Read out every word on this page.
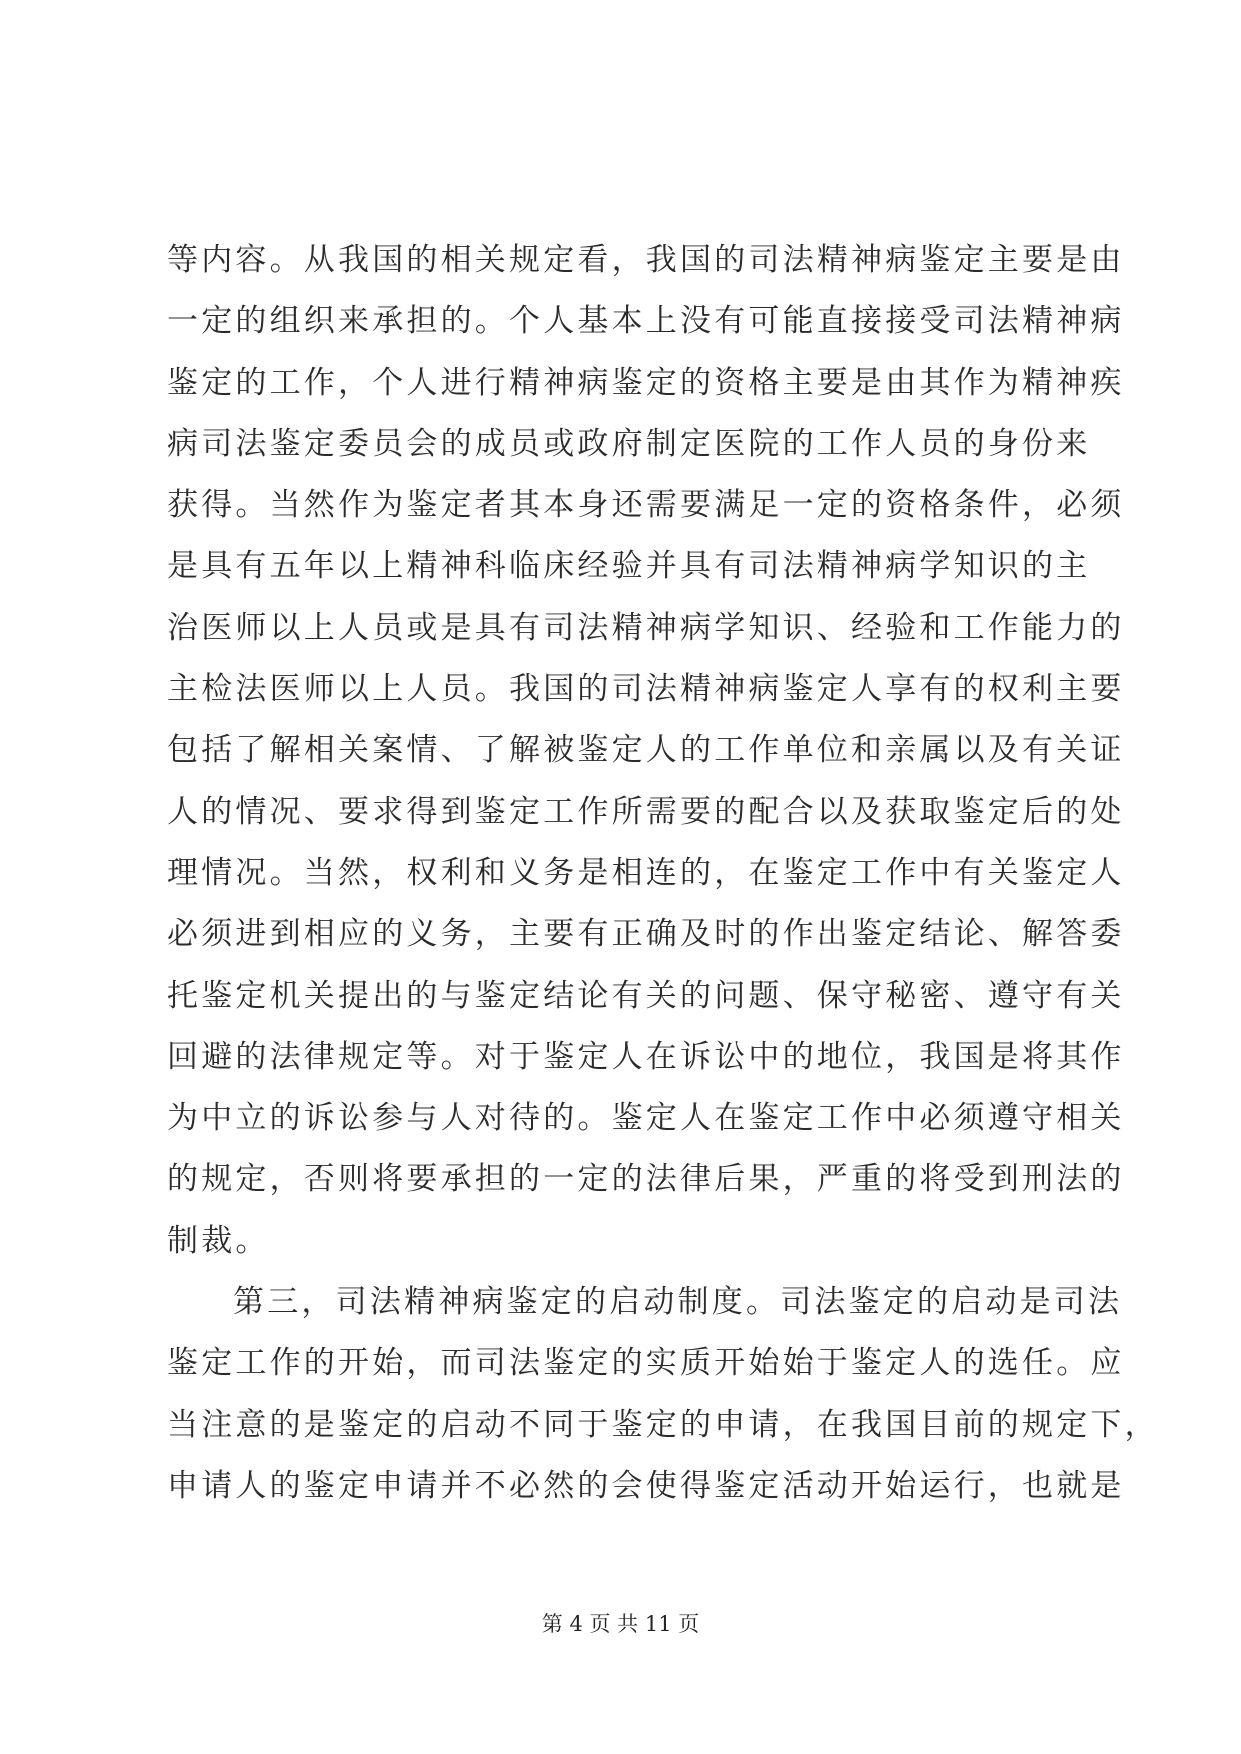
等内容。从我国的相关规定看，我国的司法精神病鉴定主要是由
一定的组织来承担的。个人基本上没有可能直接接受司法精神病
鉴定的工作，个人进行精神病鉴定的资格主要是由其作为精神疾
病司法鉴定委员会的成员或政府制定医院的工作人员的身份来
获得。当然作为鉴定者其本身还需要满足一定的资格条件，必须
是具有五年以上精神科临床经验并具有司法精神病学知识的主
治医师以上人员或是具有司法精神病学知识、经验和工作能力的
主检法医师以上人员。我国的司法精神病鉴定人享有的权利主要
包括了解相关案情、了解被鉴定人的工作单位和亲属以及有关证
人的情况、要求得到鉴定工作所需要的配合以及获取鉴定后的处
理情况。当然，权利和义务是相连的，在鉴定工作中有关鉴定人
必须进到相应的义务，主要有正确及时的作出鉴定结论、解答委
托鉴定机关提出的与鉴定结论有关的问题、保守秘密、遵守有关
回避的法律规定等。对于鉴定人在诉讼中的地位，我国是将其作
为中立的诉讼参与人对待的。鉴定人在鉴定工作中必须遵守相关
的规定，否则将要承担的一定的法律后果，严重的将受到刑法的
制裁。
第三，司法精神病鉴定的启动制度。司法鉴定的启动是司法
鉴定工作的开始，而司法鉴定的实质开始始于鉴定人的选任。应
当注意的是鉴定的启动不同于鉴定的申请，在我国目前的规定下，
申请人的鉴定申请并不必然的会使得鉴定活动开始运行，也就是
第 4 页 共 11 页
